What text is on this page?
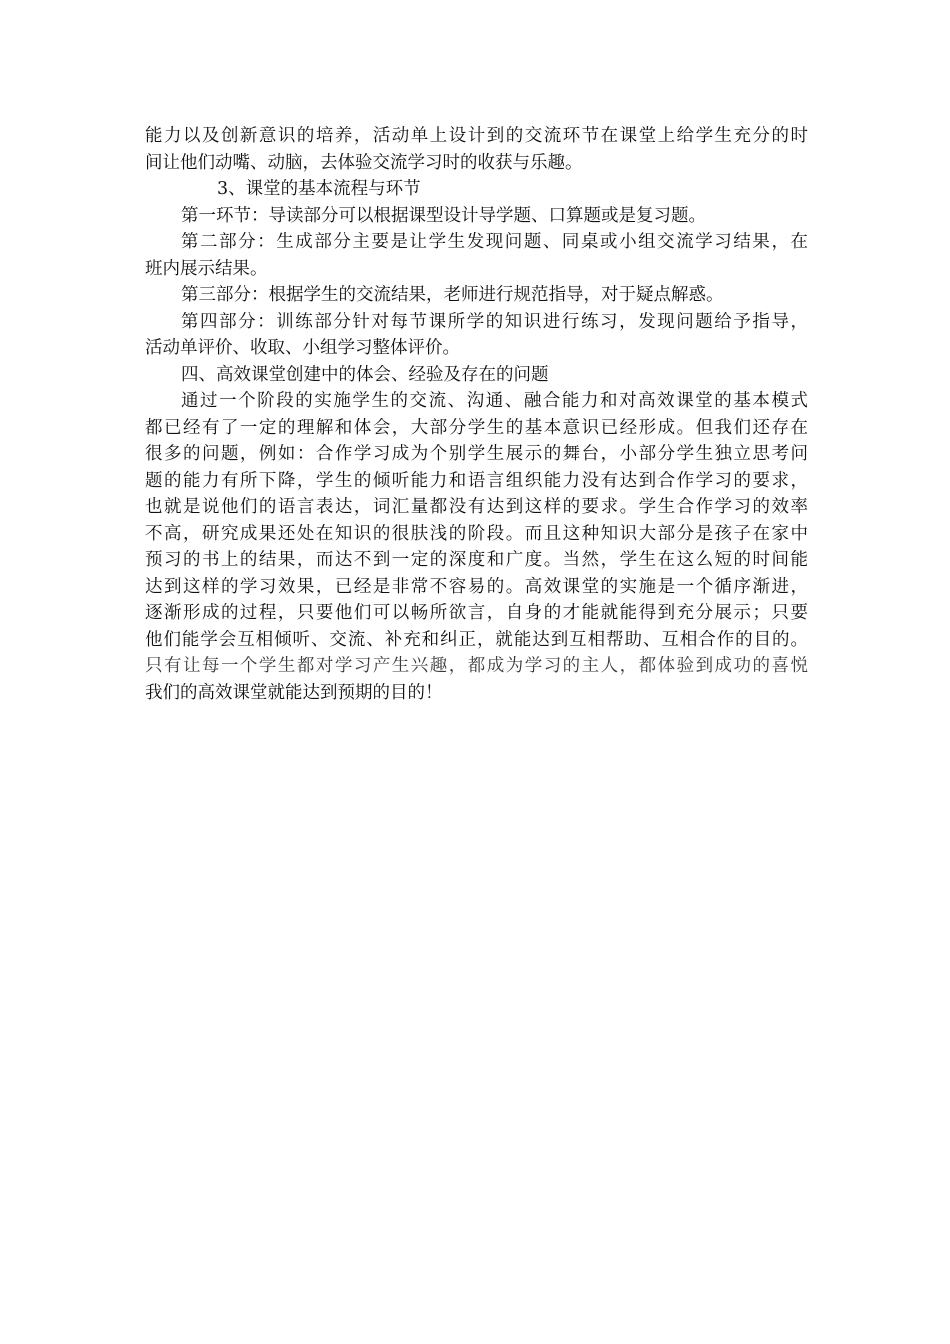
能力以及创新意识的培养，活动单上设计到的交流环节在课堂上给学生充分的时
间让他们动嘴、动脑，去体验交流学习时的收获与乐趣。
3、课堂的基本流程与环节
第一环节：导读部分可以根据课型设计导学题、口算题或是复习题。
第二部分：生成部分主要是让学生发现问题、同桌或小组交流学习结果，在
班内展示结果。
第三部分：根据学生的交流结果，老师进行规范指导，对于疑点解惑。
第四部分：训练部分针对每节课所学的知识进行练习，发现问题给予指导，
活动单评价、收取、小组学习整体评价。
四、高效课堂创建中的体会、经验及存在的问题
通过一个阶段的实施学生的交流、沟通、融合能力和对高效课堂的基本模式
都已经有了一定的理解和体会，大部分学生的基本意识已经形成。但我们还存在
很多的问题，例如：合作学习成为个别学生展示的舞台，小部分学生独立思考问
题的能力有所下降，学生的倾听能力和语言组织能力没有达到合作学习的要求，
也就是说他们的语言表达，词汇量都没有达到这样的要求。学生合作学习的效率
不高，研究成果还处在知识的很肤浅的阶段。而且这种知识大部分是孩子在家中
预习的书上的结果，而达不到一定的深度和广度。当然，学生在这么短的时间能
达到这样的学习效果，已经是非常不容易的。高效课堂的实施是一个循序渐进，
逐渐形成的过程，只要他们可以畅所欲言，自身的才能就能得到充分展示；只要
他们能学会互相倾听、交流、补充和纠正，就能达到互相帮助、互相合作的目的。
只有让每一个学生都对学习产生兴趣，都成为学习的主人，都体验到成功的喜悦
我们的高效课堂就能达到预期的目的！
